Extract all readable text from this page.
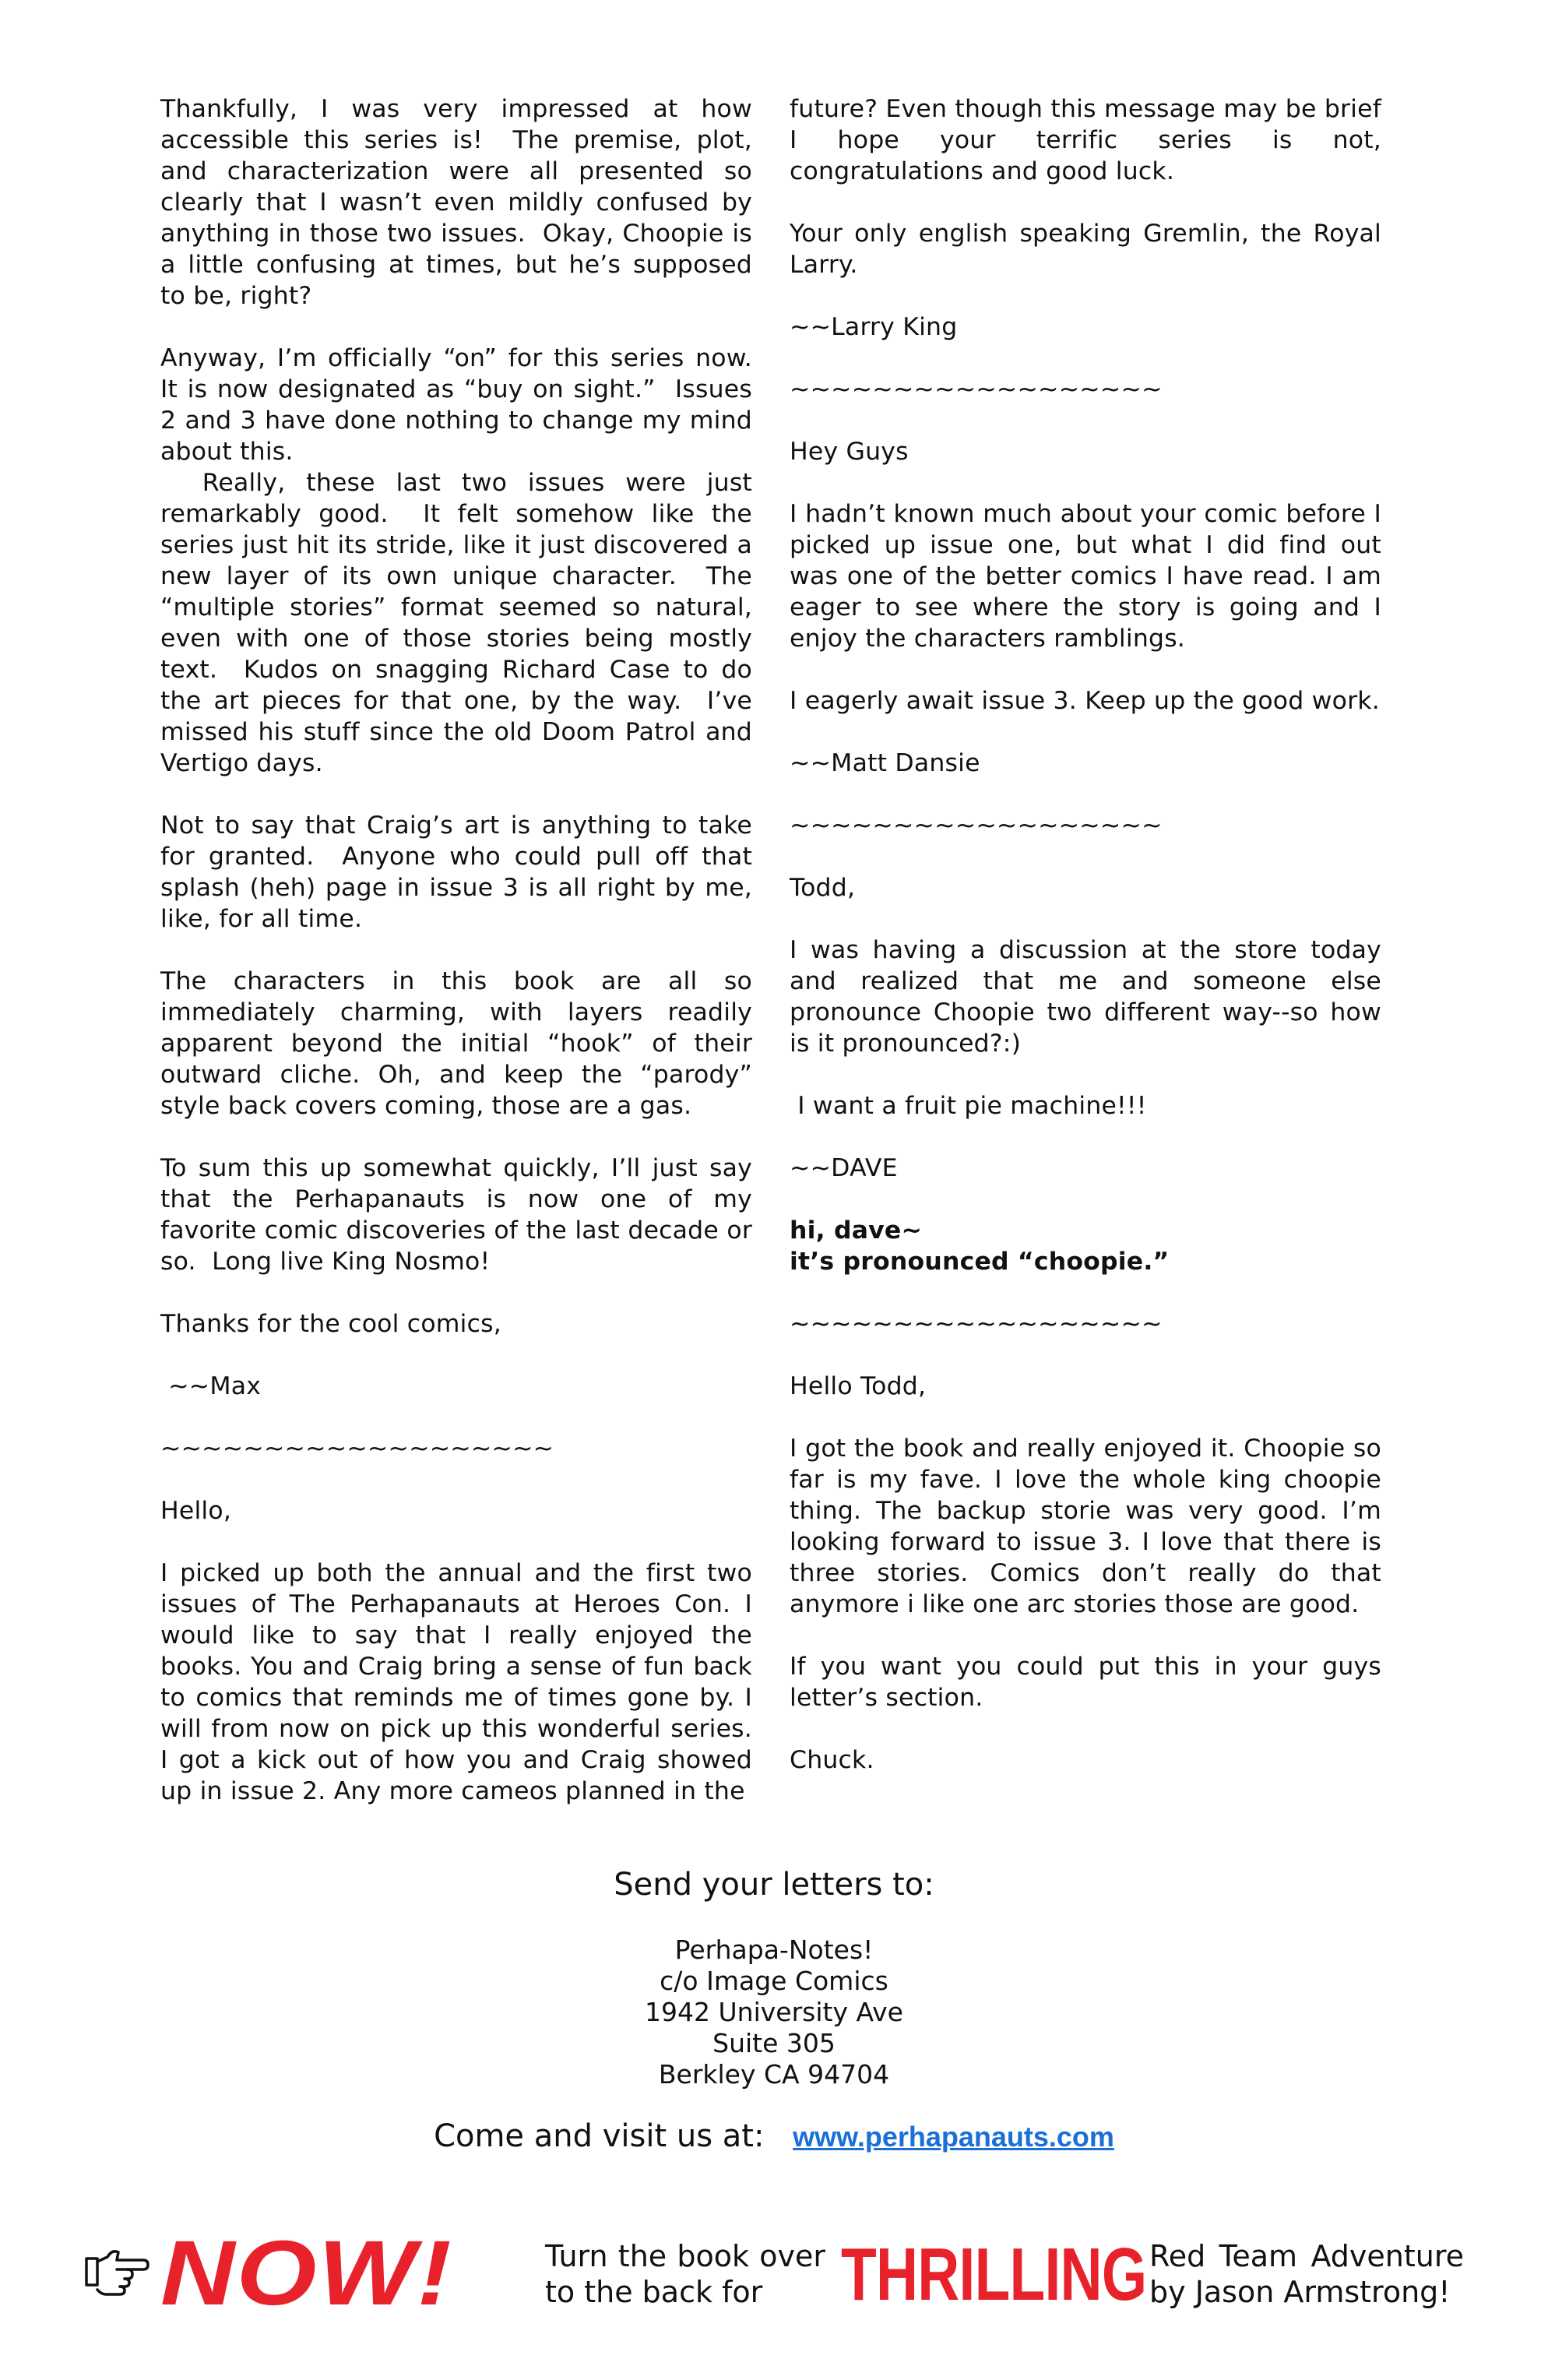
Thankfully, I was very impressed at how accessible this series is!  The premise, plot, and characterization were all presented so clearly that I wasn’t even mildly confused by anything in those two issues.  Okay, Choopie is a little confusing at times, but he’s supposed to be, right?

Anyway, I’m officially “on” for this series now. It is now designated as “buy on sight.”  Issues 2 and 3 have done nothing to change my mind about this.

Really, these last two issues were just remarkably good.  It felt somehow like the series just hit its stride, like it just discovered a new layer of its own unique character.  The “multiple stories” format seemed so natural, even with one of those stories being mostly text.  Kudos on snagging Richard Case to do the art pieces for that one, by the way.  I’ve missed his stuff since the old Doom Patrol and Vertigo days.

Not to say that Craig’s art is anything to take for granted.  Anyone who could pull off that splash (heh) page in issue 3 is all right by me, like, for all time.

The characters in this book are all so immediately charming, with layers readily apparent beyond the initial “hook” of their outward cliche. Oh, and keep the “parody” style back covers coming, those are a gas.

To sum this up somewhat quickly, I’ll just say that the Perhapanauts is now one of my favorite comic discoveries of the last decade or so.  Long live King Nosmo!

Thanks for the cool comics,

~~Max

~~~~~~~~~~~~~~~~~~~

Hello,

I picked up both the annual and the first two issues of The Perhapanauts at Heroes Con. I would like to say that I really enjoyed the books. You and Craig bring a sense of fun back to comics that reminds me of times gone by. I will from now on pick up this wonderful series. I got a kick out of how you and Craig showed up in issue 2. Any more cameos planned in the

future? Even though this message may be brief I hope your terrific series is not, congratulations and good luck.

Your only english speaking Gremlin, the Royal Larry.

~~Larry King

~~~~~~~~~~~~~~~~~~

Hey Guys

I hadn’t known much about your comic before I picked up issue one, but what I did find out was one of the better comics I have read. I am eager to see where the story is going and I enjoy the characters ramblings.

I eagerly await issue 3. Keep up the good work.

~~Matt Dansie

~~~~~~~~~~~~~~~~~~

Todd,

I was having a discussion at the store today and realized that me and someone else pronounce Choopie two different way--so how is it pronounced?:)

I want a fruit pie machine!!!

~~DAVE

hi, dave~

it’s pronounced “choopie.”

~~~~~~~~~~~~~~~~~~

Hello Todd,

I got the book and really enjoyed it. Choopie so far is my fave. I love the whole king choopie thing. The backup storie was very good. I’m looking forward to issue 3. I love that there is three stories. Comics don’t really do that anymore i like one arc stories those are good.

If you want you could put this in your guys letter’s section.

Chuck.

Send your letters to:
Perhapa-Notes!
c/o Image Comics
1942 University Ave
Suite 305
Berkley CA 94704
Come and visit us at: www.perhapanauts.com
NOW!	Turn the book over to the back for	THRILLING Red Team Adventure by Jason Armstrong!
